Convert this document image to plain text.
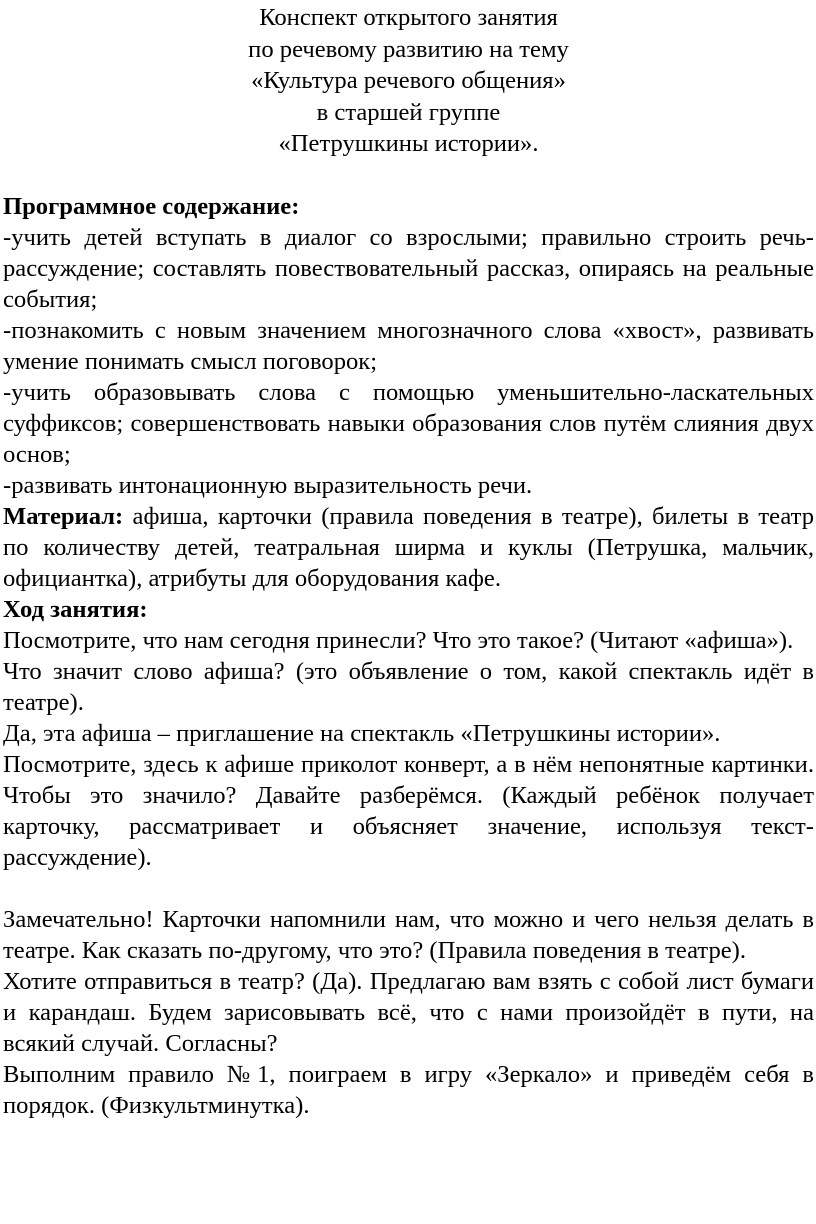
Конспект открытого занятия
по речевому развитию на тему
«Культура речевого общения»
в старшей группе
«Петрушкины истории».
Программное содержание:

-учить детей вступать в диалог со взрослыми; правильно строить речь-рассуждение; составлять повествовательный рассказ, опираясь на реальные события;

-познакомить с новым значением многозначного слова «хвост», развивать умение понимать смысл поговорок;

-учить образовывать слова с помощью уменьшительно-ласкательных суффиксов; совершенствовать навыки образования слов путём слияния двух основ;

-развивать интонационную выразительность речи.

Материал: афиша, карточки (правила поведения в театре), билеты в театр по количеству детей, театральная ширма и куклы (Петрушка, мальчик, официантка), атрибуты для оборудования кафе.

Ход занятия:

Посмотрите, что нам сегодня принесли? Что это такое? (Читают «афиша»).

Что значит слово афиша? (это объявление о том, какой спектакль идёт в театре).

Да, эта афиша – приглашение на спектакль «Петрушкины истории».

Посмотрите, здесь к афише приколот конверт, а в нём непонятные картинки. Чтобы это значило? Давайте разберёмся. (Каждый ребёнок получает карточку, рассматривает и объясняет значение, используя текст-рассуждение).

Замечательно! Карточки напомнили нам, что можно и чего нельзя делать в театре. Как сказать по-другому, что это? (Правила поведения в театре).

Хотите отправиться в театр? (Да). Предлагаю вам взять с собой лист бумаги и карандаш. Будем зарисовывать всё, что с нами произойдёт в пути, на всякий случай. Согласны?

Выполним правило №1, поиграем в игру «Зеркало» и приведём себя в порядок. (Физкультминутка).
